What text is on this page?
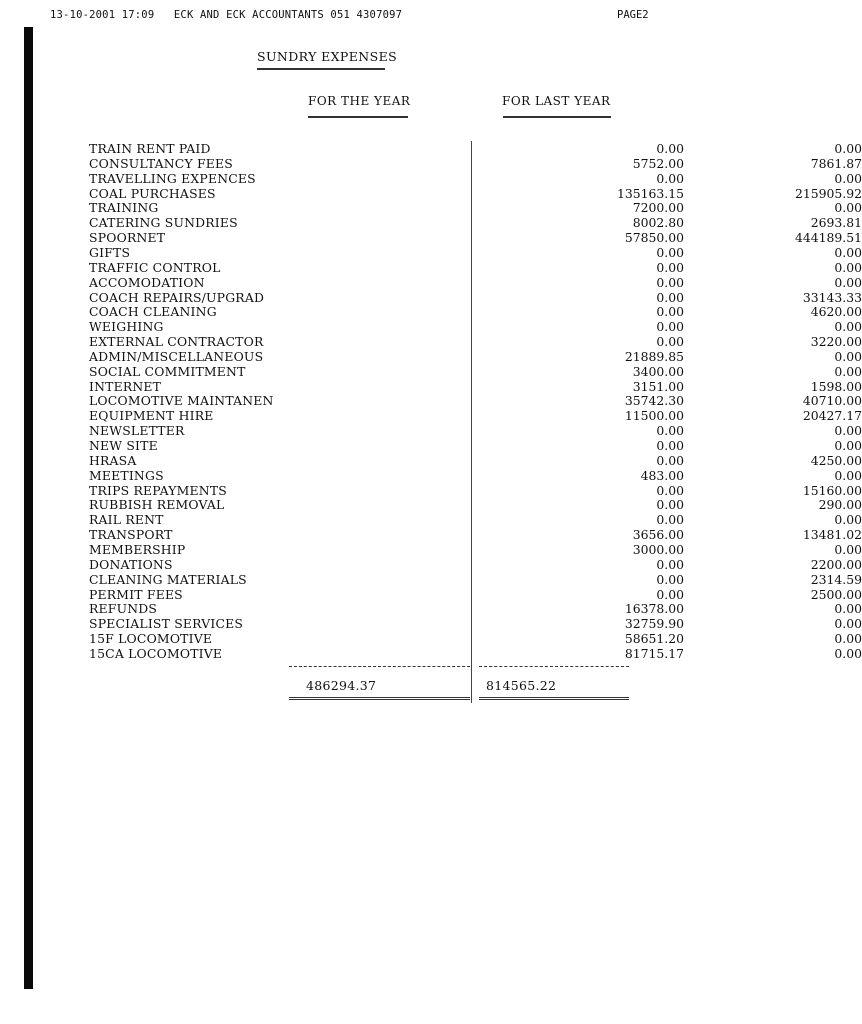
13-10-2001 17:09   ECK AND ECK ACCOUNTANTS 051 4307097	PAGE2
SUNDRY EXPENSES
FOR THE YEAR	FOR LAST YEAR
TRAIN RENT PAID	0.00	0.00
CONSULTANCY FEES	5752.00	7861.87
TRAVELLING EXPENCES	0.00	0.00
COAL PURCHASES	135163.15	215905.92
TRAINING	7200.00	0.00
CATERING SUNDRIES	8002.80	2693.81
SPOORNET	57850.00	444189.51
GIFTS	0.00	0.00
TRAFFIC CONTROL	0.00	0.00
ACCOMODATION	0.00	0.00
COACH REPAIRS/UPGRAD	0.00	33143.33
COACH CLEANING	0.00	4620.00
WEIGHING	0.00	0.00
EXTERNAL CONTRACTOR	0.00	3220.00
ADMIN/MISCELLANEOUS	21889.85	0.00
SOCIAL COMMITMENT	3400.00	0.00
INTERNET	3151.00	1598.00
LOCOMOTIVE MAINTANEN	35742.30	40710.00
EQUIPMENT HIRE	11500.00	20427.17
NEWSLETTER	0.00	0.00
NEW SITE	0.00	0.00
HRASA	0.00	4250.00
MEETINGS	483.00	0.00
TRIPS REPAYMENTS	0.00	15160.00
RUBBISH REMOVAL	0.00	290.00
RAIL RENT	0.00	0.00
TRANSPORT	3656.00	13481.02
MEMBERSHIP	3000.00	0.00
DONATIONS	0.00	2200.00
CLEANING MATERIALS	0.00	2314.59
PERMIT FEES	0.00	2500.00
REFUNDS	16378.00	0.00
SPECIALIST SERVICES	32759.90	0.00
15F LOCOMOTIVE	58651.20	0.00
15CA LOCOMOTIVE	81715.17	0.00
486294.37	814565.22
